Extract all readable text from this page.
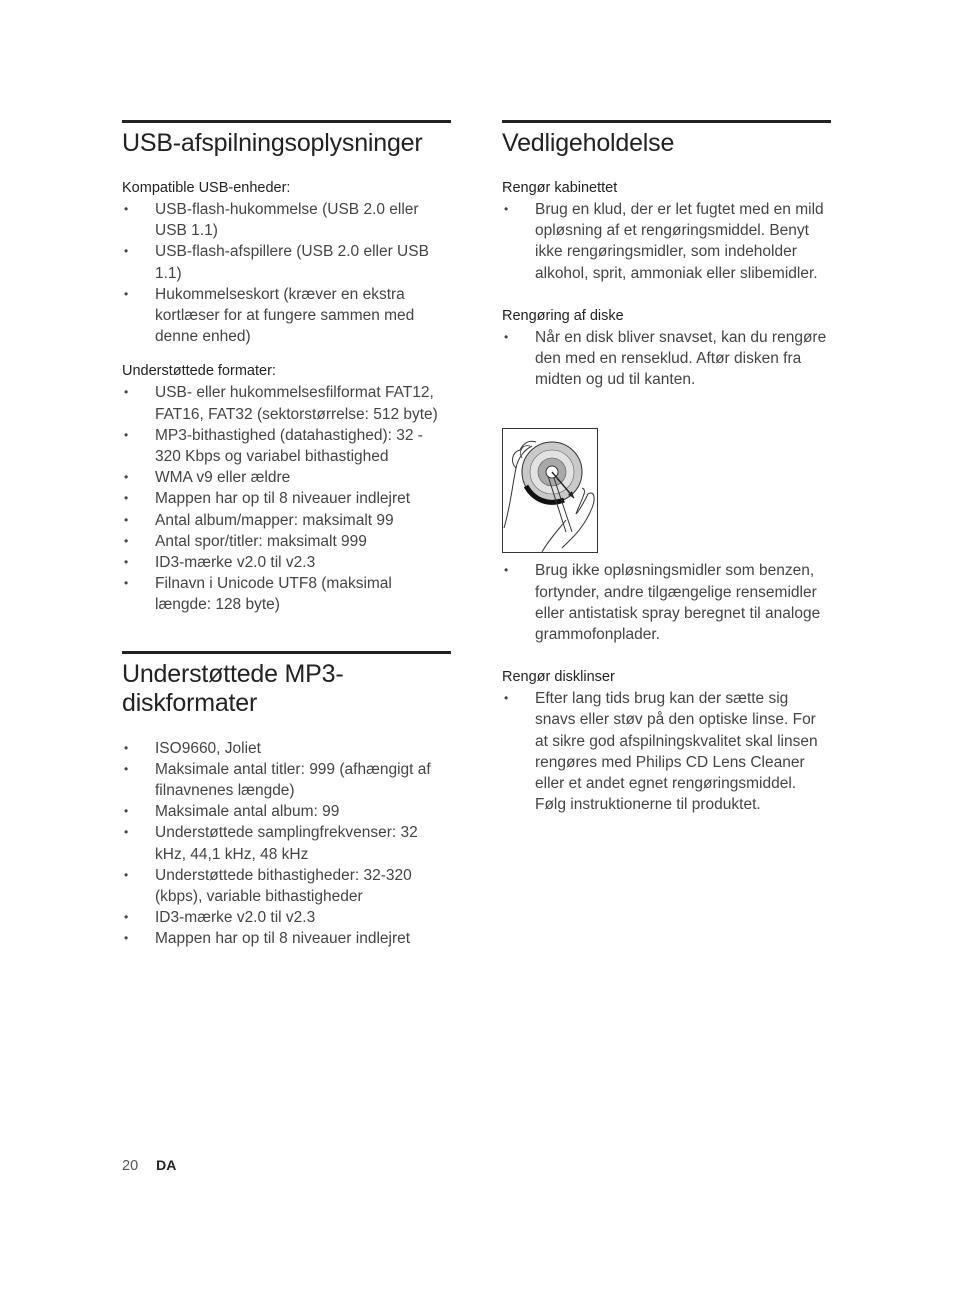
USB-afspilningsoplysninger

Kompatible USB-enheder:

• USB-flash-hukommelse (USB 2.0 eller USB 1.1)
• USB-flash-afspillere (USB 2.0 eller USB 1.1)
• Hukommelseskort (kræver en ekstra kortlæser for at fungere sammen med denne enhed)

Understøttede formater:

• USB- eller hukommelsesfilformat FAT12, FAT16, FAT32 (sektorstørrelse: 512 byte)
• MP3-bithastighed (datahastighed): 32 - 320 Kbps og variabel bithastighed
• WMA v9 eller ældre
• Mappen har op til 8 niveauer indlejret
• Antal album/mapper: maksimalt 99
• Antal spor/titler: maksimalt 999
• ID3-mærke v2.0 til v2.3
• Filnavn i Unicode UTF8 (maksimal længde: 128 byte)
Understøttede MP3-
diskformater
• ISO9660, Joliet
• Maksimale antal titler: 999 (afhængigt af filnavnenes længde)
• Maksimale antal album: 99
• Understøttede samplingfrekvenser: 32 kHz, 44,1 kHz, 48 kHz
• Understøttede bithastigheder: 32-320 (kbps), variable bithastigheder
• ID3-mærke v2.0 til v2.3
• Mappen har op til 8 niveauer indlejret
Vedligeholdelse

Rengør kabinettet

• Brug en klud, der er let fugtet med en mild opløsning af et rengøringsmiddel. Benyt ikke rengøringsmidler, som indeholder alkohol, sprit, ammoniak eller slibemidler.

Rengøring af diske

• Når en disk bliver snavset, kan du rengøre den med en renseklud. Aftør disken fra midten og ud til kanten.
• Brug ikke opløsningsmidler som benzen, fortynder, andre tilgængelige rensemidler eller antistatisk spray beregnet til analoge grammofonplader.

Rengør disklinser

• Efter lang tids brug kan der sætte sig snavs eller støv på den optiske linse. For at sikre god afspilningskvalitet skal linsen rengøres med Philips CD Lens Cleaner eller et andet egnet rengøringsmiddel. Følg instruktionerne til produktet.
20 DA
